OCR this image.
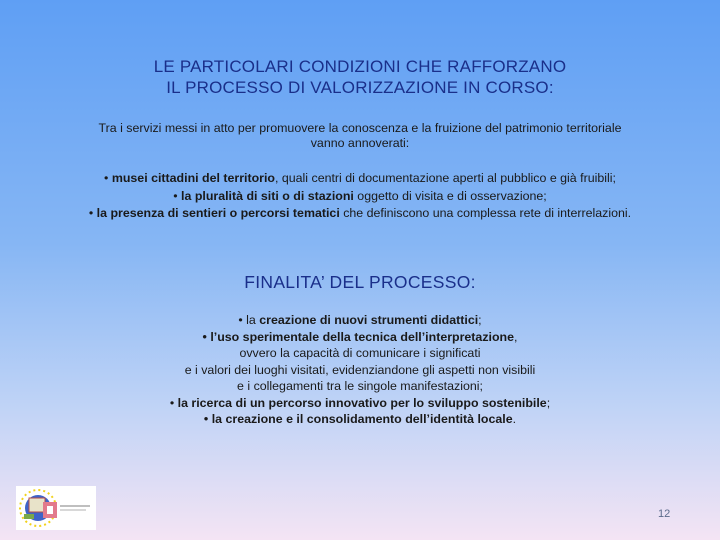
LE PARTICOLARI CONDIZIONI CHE RAFFORZANO
IL PROCESSO DI VALORIZZAZIONE IN CORSO:
Tra i servizi messi in atto per promuovere la conoscenza e la fruizione del patrimonio territoriale
vanno annoverati:
• musei cittadini del territorio, quali centri di documentazione aperti al pubblico e già fruibili;
• la pluralità di siti o di stazioni oggetto di visita e di osservazione;
• la presenza di sentieri o percorsi tematici che definiscono una complessa rete di interrelazioni.
FINALITA’ DEL PROCESSO:
• la creazione di nuovi strumenti didattici;
• l’uso sperimentale della tecnica dell’interpretazione,
ovvero la capacità di comunicare i significati
e i valori dei luoghi visitati, evidenziandone gli aspetti non visibili
e i collegamenti tra le singole manifestazioni;
• la ricerca di un percorso innovativo per lo sviluppo sostenibile;
• la creazione e il consolidamento dell’identità locale.
12
